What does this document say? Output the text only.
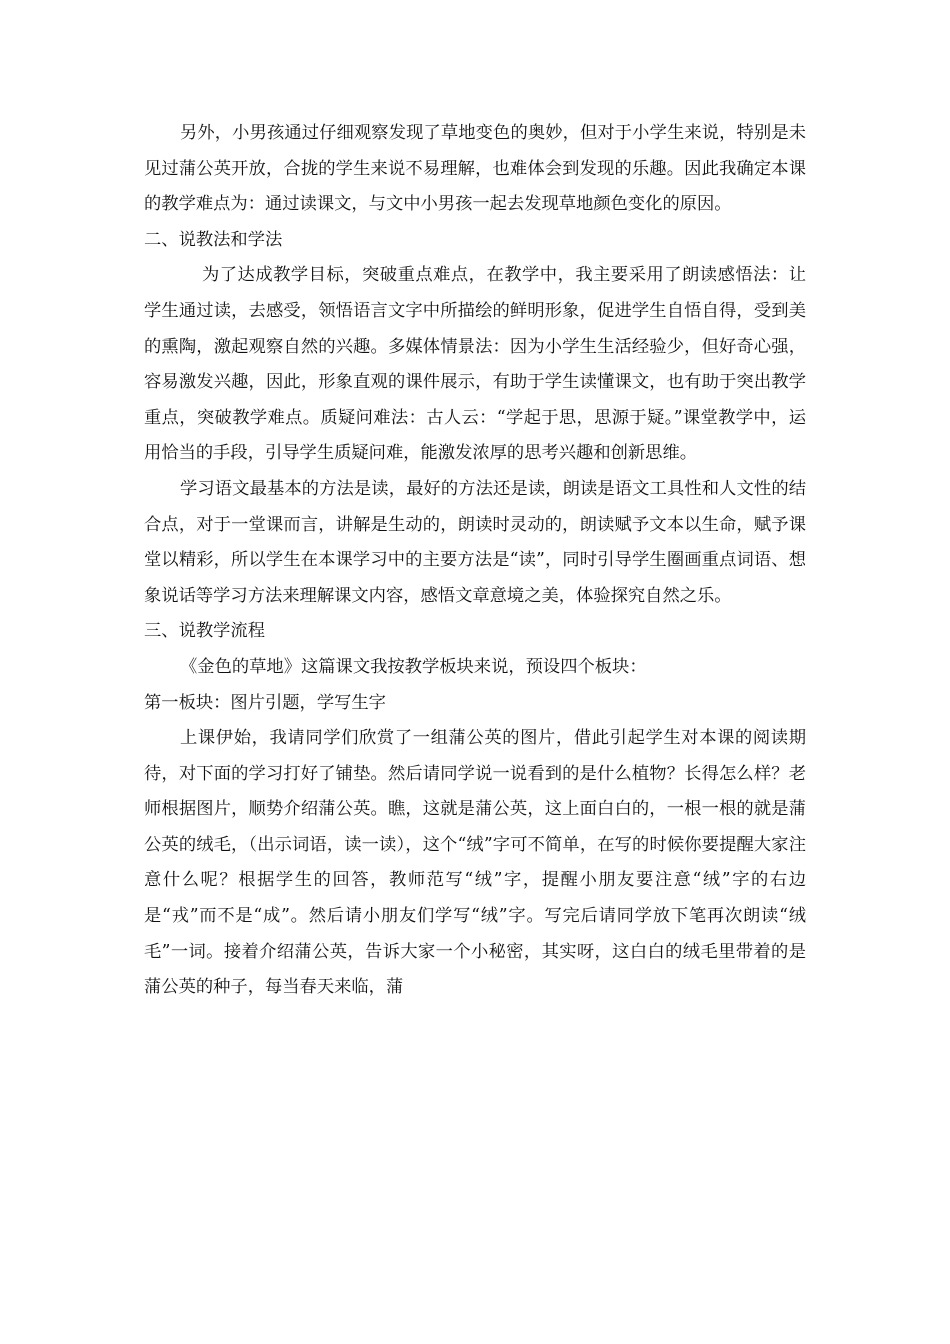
另外，小男孩通过仔细观察发现了草地变色的奥妙，但对于小学生来说，特别是未见过蒲公英开放，合拢的学生来说不易理解，也难体会到发现的乐趣。因此我确定本课的教学难点为：通过读课文，与文中小男孩一起去发现草地颜色变化的原因。

二、说教法和学法

为了达成教学目标，突破重点难点，在教学中，我主要采用了朗读感悟法：让学生通过读，去感受，领悟语言文字中所描绘的鲜明形象，促进学生自悟自得，受到美的熏陶，激起观察自然的兴趣。多媒体情景法：因为小学生生活经验少，但好奇心强，容易激发兴趣，因此，形象直观的课件展示，有助于学生读懂课文，也有助于突出教学重点，突破教学难点。质疑问难法：古人云：“学起于思，思源于疑。”课堂教学中，运用恰当的手段，引导学生质疑问难，能激发浓厚的思考兴趣和创新思维。

学习语文最基本的方法是读，最好的方法还是读，朗读是语文工具性和人文性的结合点，对于一堂课而言，讲解是生动的，朗读时灵动的，朗读赋予文本以生命，赋予课堂以精彩，所以学生在本课学习中的主要方法是“读”，同时引导学生圈画重点词语、想象说话等学习方法来理解课文内容，感悟文章意境之美，体验探究自然之乐。

三、说教学流程

《金色的草地》这篇课文我按教学板块来说，预设四个板块：

第一板块：图片引题，学写生字

上课伊始，我请同学们欣赏了一组蒲公英的图片，借此引起学生对本课的阅读期待，对下面的学习打好了铺垫。然后请同学说一说看到的是什么植物？长得怎么样？老师根据图片，顺势介绍蒲公英。瞧，这就是蒲公英，这上面白白的，一根一根的就是蒲公英的绒毛，（出示词语，读一读），这个“绒”字可不简单，在写的时候你要提醒大家注意什么呢？根据学生的回答，教师范写“绒”字，提醒小朋友要注意“绒”字的右边是“戎”而不是“成”。然后请小朋友们学写“绒”字。写完后请同学放下笔再次朗读“绒毛”一词。接着介绍蒲公英，告诉大家一个小秘密，其实呀，这白白的绒毛里带着的是蒲公英的种子，每当春天来临，蒲
